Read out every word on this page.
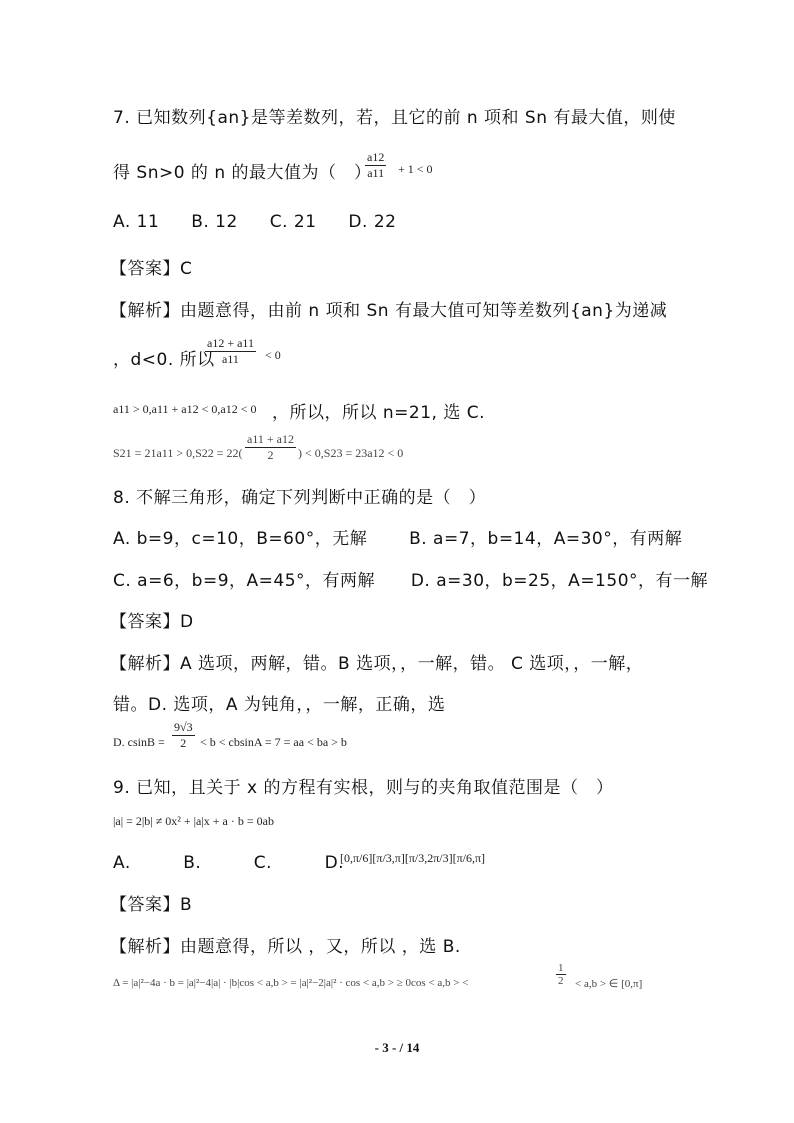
7. 已知数列{an}是等差数列，若，且它的前 n 项和 Sn 有最大值，则使
得 Sn>0 的 n 的最大值为（　）
$\frac{a12}{a11} + 1 < 0$
A. 11 B. 12 C. 21 D. 22
【答案】C
【解析】由题意得，由前 n 项和 Sn 有最大值可知等差数列{an}为递减
，d<0. 所以
$\frac{a12 + a11}{a11} < 0$
a11 > 0,a11 + a12 < 0,a12 < 0 ，所以，所以 n=21, 选 C.
$S21 = 21a11 > 0,S22 = 22( \frac{a11 + a12}{2}$ ) < 0,S23 = 23a12 < 0
8. 不解三角形，确定下列判断中正确的是（　）
A. b=9，c=10，B=60°，无解 B. a=7，b=14，A=30°，有两解
C. a=6，b=9，A=45°，有两解 D. a=30，b=25，A=150°，有一解
【答案】D
【解析】A 选项，两解，错。B 选项，，一解，错。 C 选项，，一解，
错。D. 选项，A 为钝角，，一解，正确，选
D. $csinB = \frac{9√3}{2} < b < cbsinA = 7$ = aa < ba > b
9. 已知，且关于 x 的方程有实根，则与的夹角取值范围是（　）
|a| = 2|b| ≠ 0x² + |a|x + a · b = 0ab
A.　　　B.　　　C.　　　D.
[0,π/6][π/3,π][π/3,2π/3][π/6,π]
【答案】B
【解析】由题意得，所以 ，又，所以 ，选 B.
Δ = |a|²−4a · b = |a|²−4|a| · |b|cos < a,b > = |a|²−2|a|² · cos < a,b > ≥ 0cos < a,b > <	$\frac{1}{2} < a,b$ > ∈ [0,π]
- 3 - / 14
